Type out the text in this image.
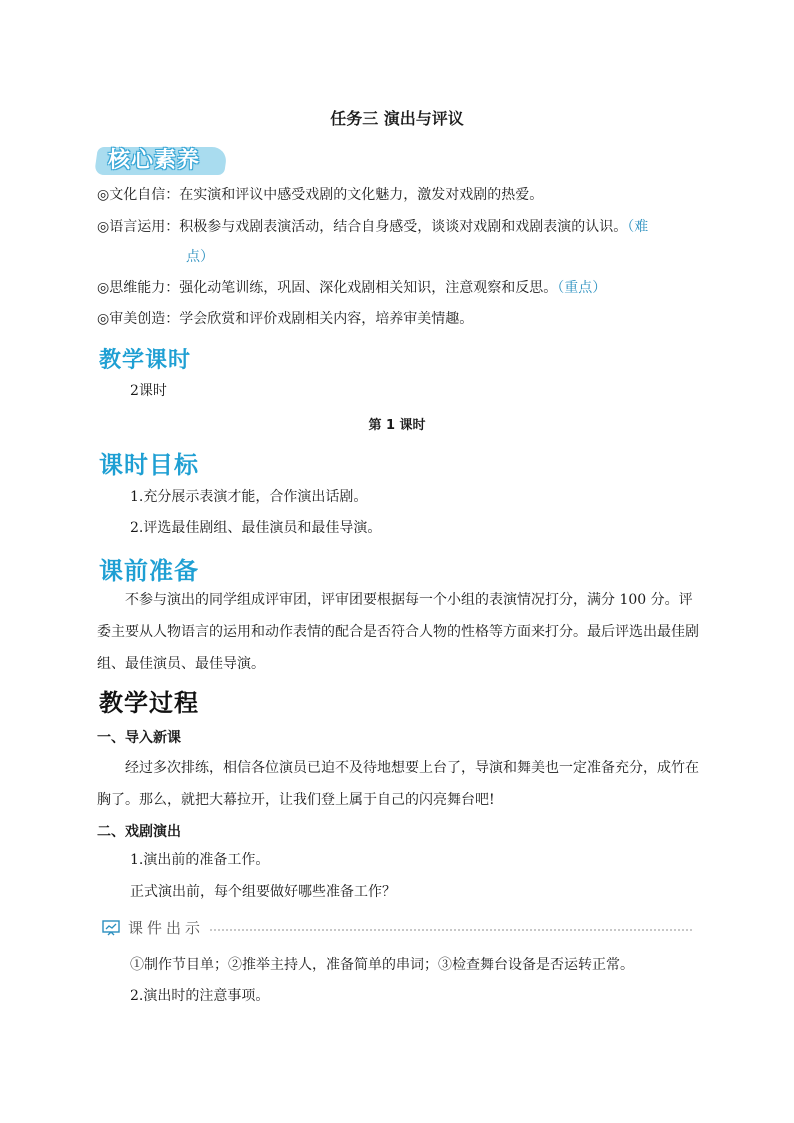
任务三 演出与评议
核心素养
◎文化自信：在实演和评议中感受戏剧的文化魅力，激发对戏剧的热爱。
◎语言运用：积极参与戏剧表演活动，结合自身感受，谈谈对戏剧和戏剧表演的认识。（难
点）
◎思维能力：强化动笔训练，巩固、深化戏剧相关知识，注意观察和反思。（重点）
◎审美创造：学会欣赏和评价戏剧相关内容，培养审美情趣。
教学课时
2课时
第 1 课时
课时目标
1.充分展示表演才能，合作演出话剧。
2.评选最佳剧组、最佳演员和最佳导演。
课前准备
不参与演出的同学组成评审团，评审团要根据每一个小组的表演情况打分，满分 100 分。评委主要从人物语言的运用和动作表情的配合是否符合人物的性格等方面来打分。最后评选出最佳剧组、最佳演员、最佳导演。
教学过程
一、导入新课
经过多次排练，相信各位演员已迫不及待地想要上台了，导演和舞美也一定准备充分，成竹在胸了。那么，就把大幕拉开，让我们登上属于自己的闪亮舞台吧!
二、戏剧演出
1.演出前的准备工作。
正式演出前，每个组要做好哪些准备工作？
课件出示
①制作节目单；②推举主持人，准备简单的串词；③检查舞台设备是否运转正常。
2.演出时的注意事项。
